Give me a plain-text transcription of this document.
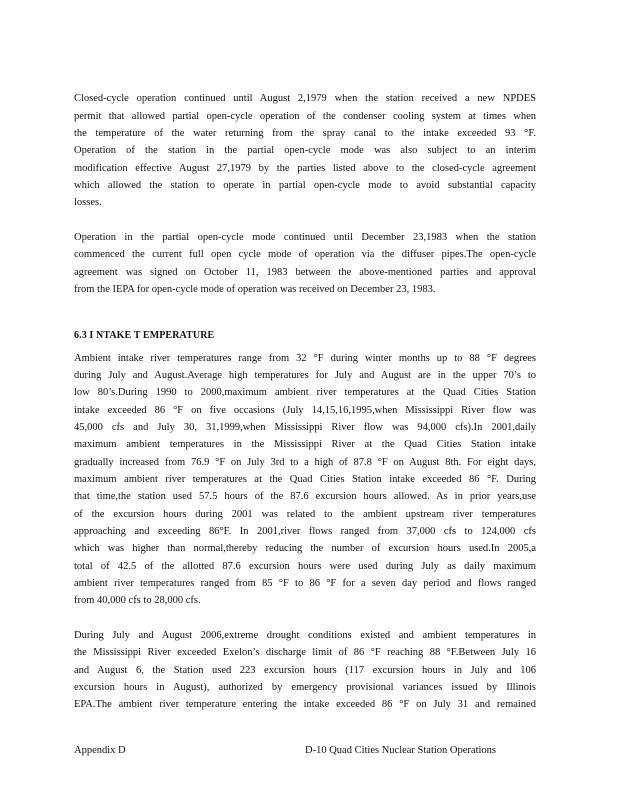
Closed-cycle operation continued until August 2,1979 when the station received a new NPDES
permit that allowed partial open-cycle operation of the condenser cooling system at times when
the temperature of the water returning from the spray canal to the intake exceeded 93 °F.
Operation of the station in the partial open-cycle mode was also subject to an interim
modification effective August 27,1979 by the parties listed above to the closed-cycle agreement
which allowed the station to operate in partial open-cycle mode to avoid substantial capacity
losses.
Operation in the partial open-cycle mode continued until December 23,1983 when the station
commenced the current full open cycle mode of operation via the diffuser pipes.The open-cycle
agreement was signed on October 11, 1983 between the above-mentioned parties and approval
from the IEPA for open-cycle mode of operation was received on December 23, 1983.
6.3 I NTAKE T EMPERATURE
Ambient intake river temperatures range from 32 °F during winter months up to 88 °F degrees
during July and August.Average high temperatures for July and August are in the upper 70’s to
low 80’s.During 1990 to 2000,maximum ambient river temperatures at the Quad Cities Station
intake exceeded 86 °F on five occasions (July 14,15,16,1995,when Mississippi River flow was
45,000 cfs and July 30, 31,1999,when Mississippi River flow was 94,000 cfs).In 2001,daily
maximum ambient temperatures in the Mississippi River at the Quad Cities Station intake
gradually increased from 76.9 °F on July 3rd to a high of 87.8 °F on August 8th. For eight days,
maximum ambient river temperatures at the Quad Cities Station intake exceeded 86 °F. During
that time,the station used 57.5 hours of the 87.6 excursion hours allowed. As in prior years,use
of the excursion hours during 2001 was related to the ambient upstream river temperatures
approaching and exceeding 86°F. In 2001,river flows ranged from 37,000 cfs to 124,000 cfs
which was higher than normal,thereby reducing the number of excursion hours used.In 2005,a
total of 42.5 of the allotted 87.6 excursion hours were used during July as daily maximum
ambient river temperatures ranged from 85 °F to 86 °F for a seven day period and flows ranged
from 40,000 cfs to 28,000 cfs.
During July and August 2006,extreme drought conditions existed and ambient temperatures in
the Mississippi River exceeded Exelon’s discharge limit of 86 °F reaching 88 °F.Between July 16
and August 6, the Station used 223 excursion hours (117 excursion hours in July and 106
excursion hours in August), authorized by emergency provisional variances issued by Illinois
EPA.The ambient river temperature entering the intake exceeded 86 °F on July 31 and remained
Appendix D	D-10 Quad Cities Nuclear Station Operations
